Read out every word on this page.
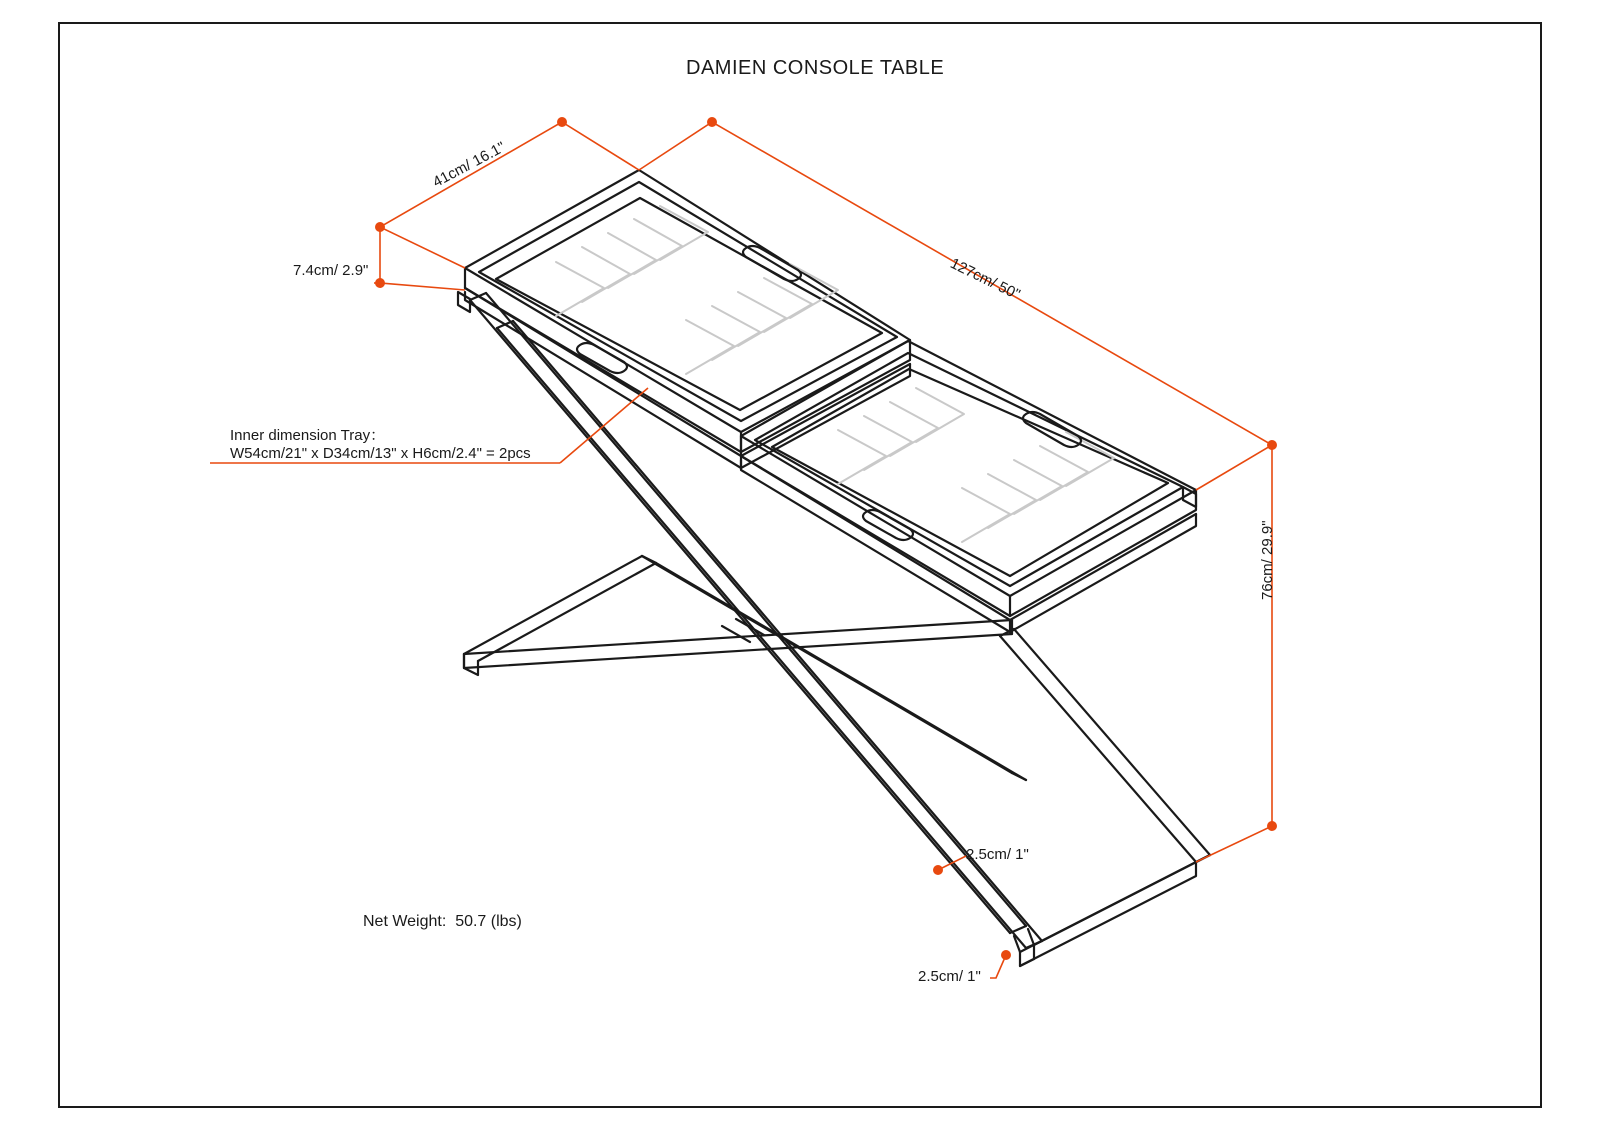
DAMIEN CONSOLE TABLE
127cm/ 50"
41cm/ 16.1"
7.4cm/ 2.9"
76cm/ 29.9"
2.5cm/ 1"
2.5cm/ 1"
Inner dimension Tray：
W54cm/21" x D34cm/13" x H6cm/2.4" = 2pcs
Net Weight:  50.7 (lbs)
